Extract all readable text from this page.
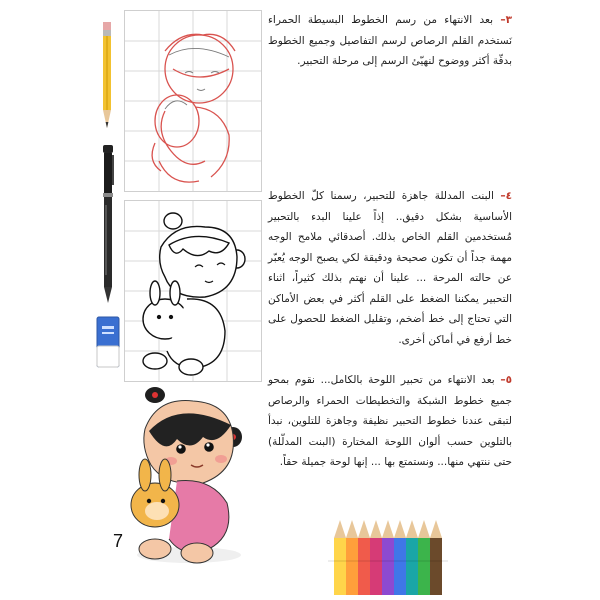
٣– بعد الانتهاء من رسم الخطوط البسيطة الحمراء نَستخدم القلم الرصاص لرسم التفاصيل وجميع الخطوط بدقّة أكثر ووضوح لنهيّئ الرسم إلى مرحلة التحبير.
٤– البنت المدللة جاهزة للتحبير، رسمنا كلّ الخطوط الأساسية بشكل دقيق.. إذاً علينا البدء بالتحبير مُستخدمين القلم الخاص بذلك. أصدقائي ملامح الوجه مهمة جداً أن تكون صحيحة ودقيقة لكي يصبح الوجه يُعبّر عن حالته المرحة ... علينا أن نهتم بذلك كثيراً، اثناء التحبير يمكننا الضغط على القلم أكثر في بعض الأماكن التي تحتاج إلى خط أضخم، وتقليل الضغط للحصول على خط أرفع في أماكن أخرى.
٥– بعد الانتهاء من تحبير اللوحة بالكامل... نقوم بمحو جميع خطوط الشبكة والتخطيطات الحمراء والرصاص لتبقى عندنا خطوط التحبير نظيفة وجاهزة للتلوين، نبدأ بالتلوين حسب ألوان اللوحة المختارة (البنت المدلّلة) حتى ننتهي منها... ونستمتع بها ... إنها لوحة جميلة حقاً.
7
